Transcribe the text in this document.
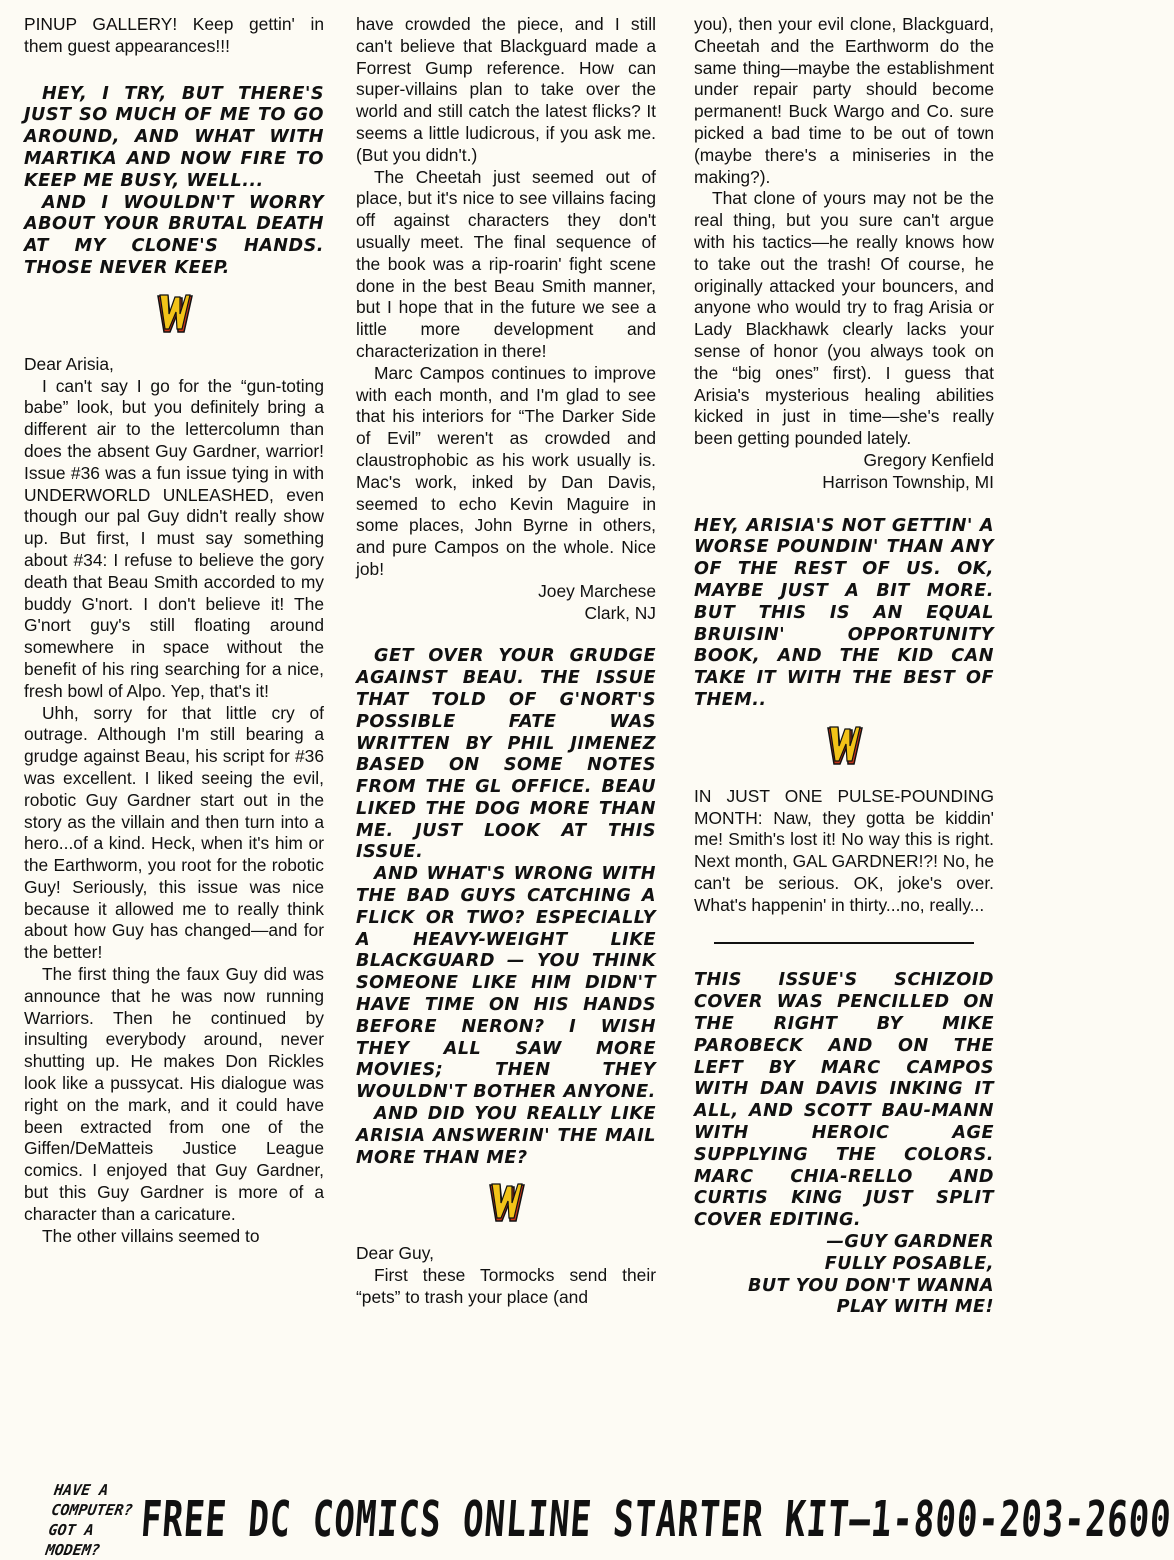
PINUP GALLERY! Keep gettin' in them guest appearances!!!

HEY, I TRY, BUT THERE'S JUST SO MUCH OF ME TO GO AROUND, AND WHAT WITH MARTIKA AND NOW FIRE TO KEEP ME BUSY, WELL...

AND I WOULDN'T WORRY ABOUT YOUR BRUTAL DEATH AT MY CLONE'S HANDS. THOSE NEVER KEEP.

Dear Arisia,

I can't say I go for the “gun-toting babe” look, but you definitely bring a different air to the lettercolumn than does the absent Guy Gardner, warrior! Issue #36 was a fun issue tying in with UNDERWORLD UNLEASHED, even though our pal Guy didn't really show up. But first, I must say something about #34: I refuse to believe the gory death that Beau Smith accorded to my buddy G'nort. I don't believe it! The G'nort guy's still floating around somewhere in space without the benefit of his ring searching for a nice, fresh bowl of Alpo. Yep, that's it!

Uhh, sorry for that little cry of outrage. Although I'm still bearing a grudge against Beau, his script for #36 was excellent. I liked seeing the evil, robotic Guy Gardner start out in the story as the villain and then turn into a hero...of a kind. Heck, when it's him or the Earthworm, you root for the robotic Guy! Seriously, this issue was nice because it allowed me to really think about how Guy has changed—and for the better!

The first thing the faux Guy did was announce that he was now running Warriors. Then he continued by insulting everybody around, never shutting up. He makes Don Rickles look like a pussycat. His dialogue was right on the mark, and it could have been extracted from one of the Giffen/DeMatteis Justice League comics. I enjoyed that Guy Gardner, but this Guy Gardner is more of a character than a caricature.

The other villains seemed to

have crowded the piece, and I still can't believe that Blackguard made a Forrest Gump reference. How can super-villains plan to take over the world and still catch the latest flicks? It seems a little ludicrous, if you ask me. (But you didn't.)

The Cheetah just seemed out of place, but it's nice to see villains facing off against characters they don't usually meet. The final sequence of the book was a rip-roarin' fight scene done in the best Beau Smith manner, but I hope that in the future we see a little more development and characterization in there!

Marc Campos continues to improve with each month, and I'm glad to see that his interiors for “The Darker Side of Evil” weren't as crowded and claustrophobic as his work usually is. Mac's work, inked by Dan Davis, seemed to echo Kevin Maguire in some places, John Byrne in others, and pure Campos on the whole. Nice job!

Joey Marchese
Clark, NJ

GET OVER YOUR GRUDGE AGAINST BEAU. THE ISSUE THAT TOLD OF G'NORT'S POSSIBLE FATE WAS WRITTEN BY PHIL JIMENEZ BASED ON SOME NOTES FROM THE GL OFFICE. BEAU LIKED THE DOG MORE THAN ME. JUST LOOK AT THIS ISSUE.

AND WHAT'S WRONG WITH THE BAD GUYS CATCHING A FLICK OR TWO? ESPECIALLY A HEAVY-WEIGHT LIKE BLACKGUARD — YOU THINK SOMEONE LIKE HIM DIDN'T HAVE TIME ON HIS HANDS BEFORE NERON? I WISH THEY ALL SAW MORE MOVIES; THEN THEY WOULDN'T BOTHER ANYONE.

AND DID YOU REALLY LIKE ARISIA ANSWERIN' THE MAIL MORE THAN ME?

Dear Guy,

First these Tormocks send their “pets” to trash your place (and

you), then your evil clone, Blackguard, Cheetah and the Earthworm do the same thing—maybe the establishment under repair party should become permanent! Buck Wargo and Co. sure picked a bad time to be out of town (maybe there's a miniseries in the making?).

That clone of yours may not be the real thing, but you sure can't argue with his tactics—he really knows how to take out the trash! Of course, he originally attacked your bouncers, and anyone who would try to frag Arisia or Lady Blackhawk clearly lacks your sense of honor (you always took on the “big ones” first). I guess that Arisia's mysterious healing abilities kicked in just in time—she's really been getting pounded lately.

Gregory Kenfield
Harrison Township, MI

HEY, ARISIA'S NOT GETTIN' A WORSE POUNDIN' THAN ANY OF THE REST OF US. OK, MAYBE JUST A BIT MORE. BUT THIS IS AN EQUAL BRUISIN' OPPORTUNITY BOOK, AND THE KID CAN TAKE IT WITH THE BEST OF THEM..

IN JUST ONE PULSE-POUNDING MONTH: Naw, they gotta be kiddin' me! Smith's lost it! No way this is right. Next month, GAL GARDNER!?! No, he can't be serious. OK, joke's over. What's happenin' in thirty...no, really...

THIS ISSUE'S SCHIZOID COVER WAS PENCILLED ON THE RIGHT BY MIKE PAROBECK AND ON THE LEFT BY MARC CAMPOS WITH DAN DAVIS INKING IT ALL, AND SCOTT BAU-MANN WITH HEROIC AGE SUPPLYING THE COLORS. MARC CHIA-RELLO AND CURTIS KING JUST SPLIT COVER EDITING.

—GUY GARDNER

FULLY POSABLE,

BUT YOU DON'T WANNA

PLAY WITH ME!

HAVE A COMPUTER?
GOT A MODEM?
FREE DC COMICS ONLINE STARTER KIT—1-800-203-2600
